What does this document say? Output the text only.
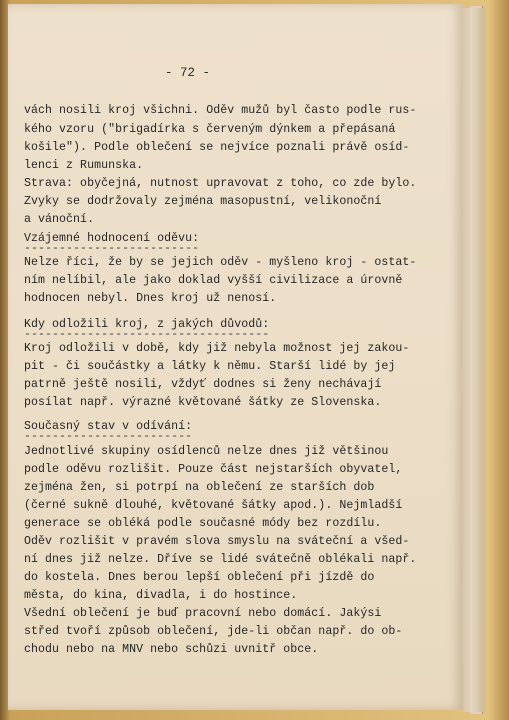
- 72 -
vách nosili kroj všichni. Oděv mužů byl často podle rus-
kého vzoru ("brigadírka s červeným dýnkem a přepásaná
košile"). Podle oblečení se nejvíce poznali právě osíd-
lenci z Rumunska.
Strava: obyčejná, nutnost upravovat z toho, co zde bylo.
Zvyky se dodržovaly zejména masopustní, velikonoční
a vánoční.
Vzájemné hodnocení oděvu:
-------------------------
Nelze říci, že by se jejich oděv - myšleno kroj - ostat-
ním nelíbil, ale jako doklad vyšší civilizace a úrovně
hodnocen nebyl. Dnes kroj už nenosí.
Kdy odložili kroj, z jakých důvodů:
-----------------------------------
Kroj odložili v době, kdy již nebyla možnost jej zakou-
pit - či součástky a látky k němu. Starší lidé by jej
patrně ještě nosili, vždyť dodnes si ženy nechávají
posílat např. výrazné květované šátky ze Slovenska.
Současný stav v odívání:
------------------------
Jednotlivé skupiny osídlenců nelze dnes již většinou
podle oděvu rozlišit. Pouze část nejstarších obyvatel,
zejména žen, si potrpí na oblečení ze starších dob
(černé sukně dlouhé, květované šátky apod.). Nejmladší
generace se obléká podle současné módy bez rozdílu.
Oděv rozlišit v pravém slova smyslu na sváteční a všed-
ní dnes již nelze. Dříve se lidé svátečně oblékali např.
do kostela. Dnes berou lepší oblečení při jízdě do
města, do kina, divadla, i do hostince.
Všední oblečení je buď pracovní nebo domácí. Jakýsi
střed tvoří způsob oblečení, jde-li občan např. do ob-
chodu nebo na MNV nebo schůzi uvnitř obce.
